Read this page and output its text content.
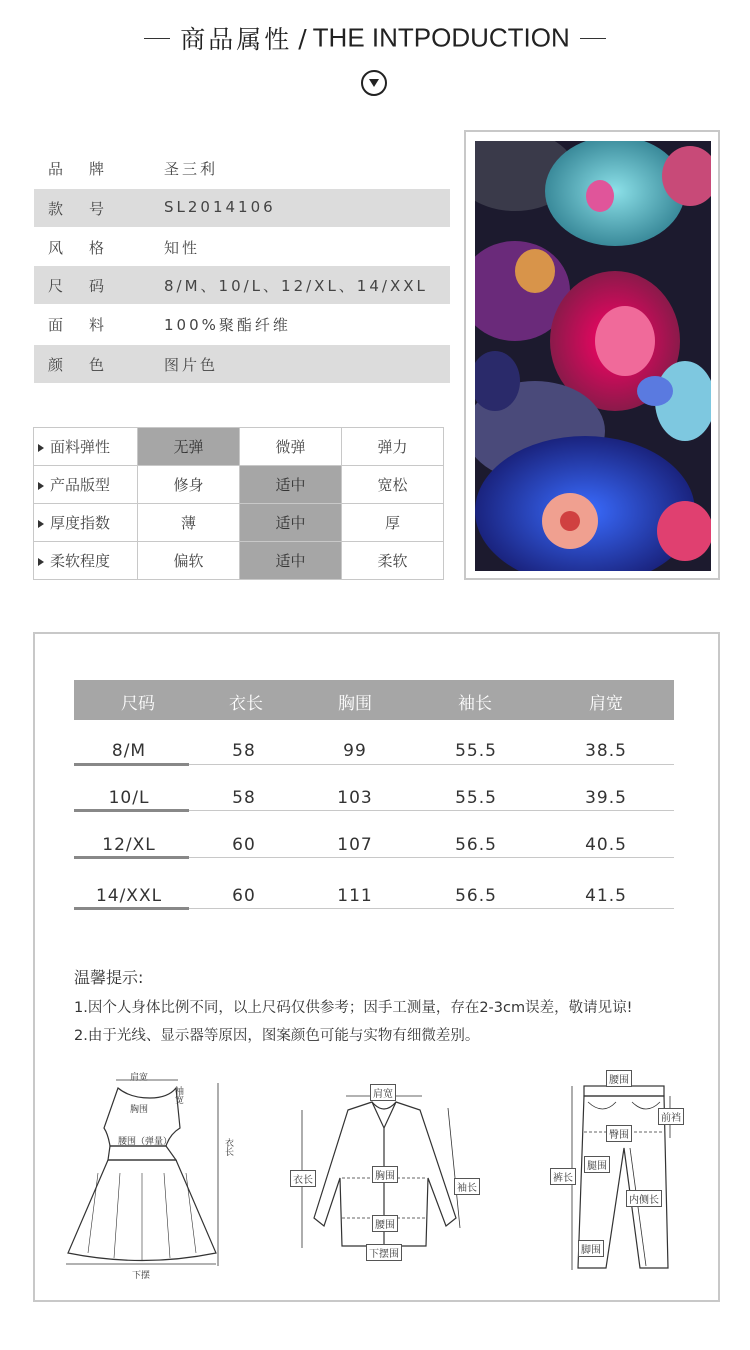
商品属性 / THE INTPODUCTION
品牌 圣三利
款号 SL2014106
风格 知性
尺码 8/M、10/L、12/XL、14/XXL
面料 100%聚酯纤维
颜色 图片色
面料弹性	无弹	微弹	弹力
产品版型	修身	适中	宽松
厚度指数	薄	适中	厚
柔软程度	偏软	适中	柔软
尺码	衣长	胸围	袖长	肩宽
8/M	58	99	55.5	38.5
10/L	58	103	55.5	39.5
12/XL	60	107	56.5	40.5
14/XXL	60	111	56.5	41.5
温馨提示:
1.因个人身体比例不同，以上尺码仅供参考；因手工测量，存在2-3cm误差，敬请见谅!
2.由于光线、显示器等原因，图案颜色可能与实物有细微差别。
肩宽
胸围
袖宽
腰围（弹量）	衣长
下摆
肩宽
衣长	胸围
袖长
腰围
下摆围
腰围
前裆
臀围
裤长
腿围
内侧长
脚围
